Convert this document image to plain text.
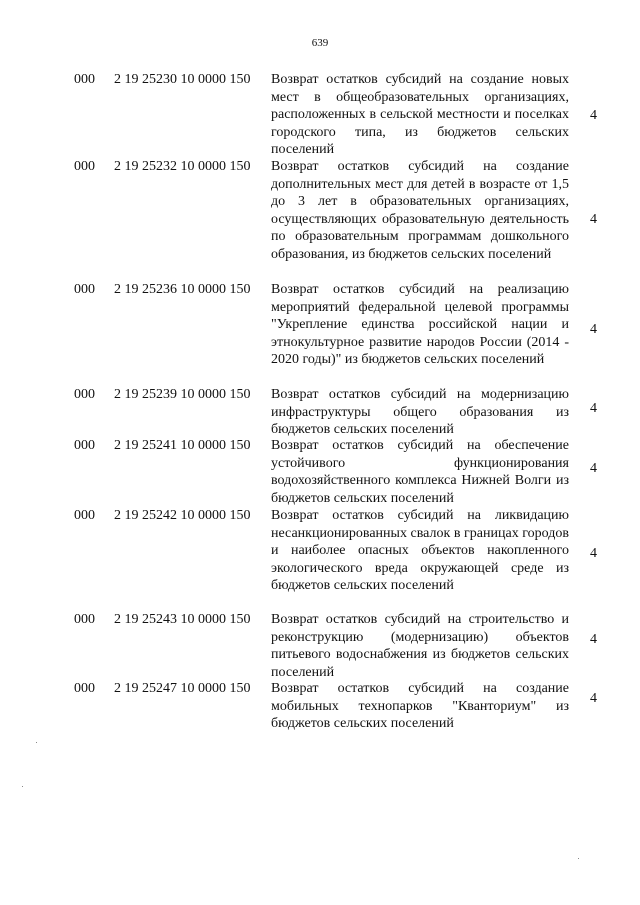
639
000 2 19 25230 10 0000 150 Возврат остатков субсидий на создание новых мест в общеобразовательных организациях, расположенных в сельской местности и поселках городского типа, из бюджетов сельских поселений
4
000 2 19 25232 10 0000 150 Возврат остатков субсидий на создание дополнительных мест для детей в возрасте от 1,5 до 3 лет в образовательных организациях, осуществляющих образовательную деятельность по образовательным программам дошкольного образования, из бюджетов сельских поселений
4
000 2 19 25236 10 0000 150 Возврат остатков субсидий на реализацию мероприятий федеральной целевой программы "Укрепление единства российской нации и этнокультурное развитие народов России (2014 - 2020 годы)" из бюджетов сельских поселений
4
000 2 19 25239 10 0000 150 Возврат остатков субсидий на модернизацию инфраструктуры общего образования из бюджетов сельских поселений
4
000 2 19 25241 10 0000 150 Возврат остатков субсидий на обеспечение устойчивого функционирования водохозяйственного комплекса Нижней Волги из бюджетов сельских поселений
4
000 2 19 25242 10 0000 150 Возврат остатков субсидий на ликвидацию несанкционированных свалок в границах городов и наиболее опасных объектов накопленного экологического вреда окружающей среде из бюджетов сельских поселений
4
000 2 19 25243 10 0000 150 Возврат остатков субсидий на строительство и реконструкцию (модернизацию) объектов питьевого водоснабжения из бюджетов сельских поселений
4
000 2 19 25247 10 0000 150 Возврат остатков субсидий на создание мобильных технопарков "Кванториум" из бюджетов сельских поселений
4
